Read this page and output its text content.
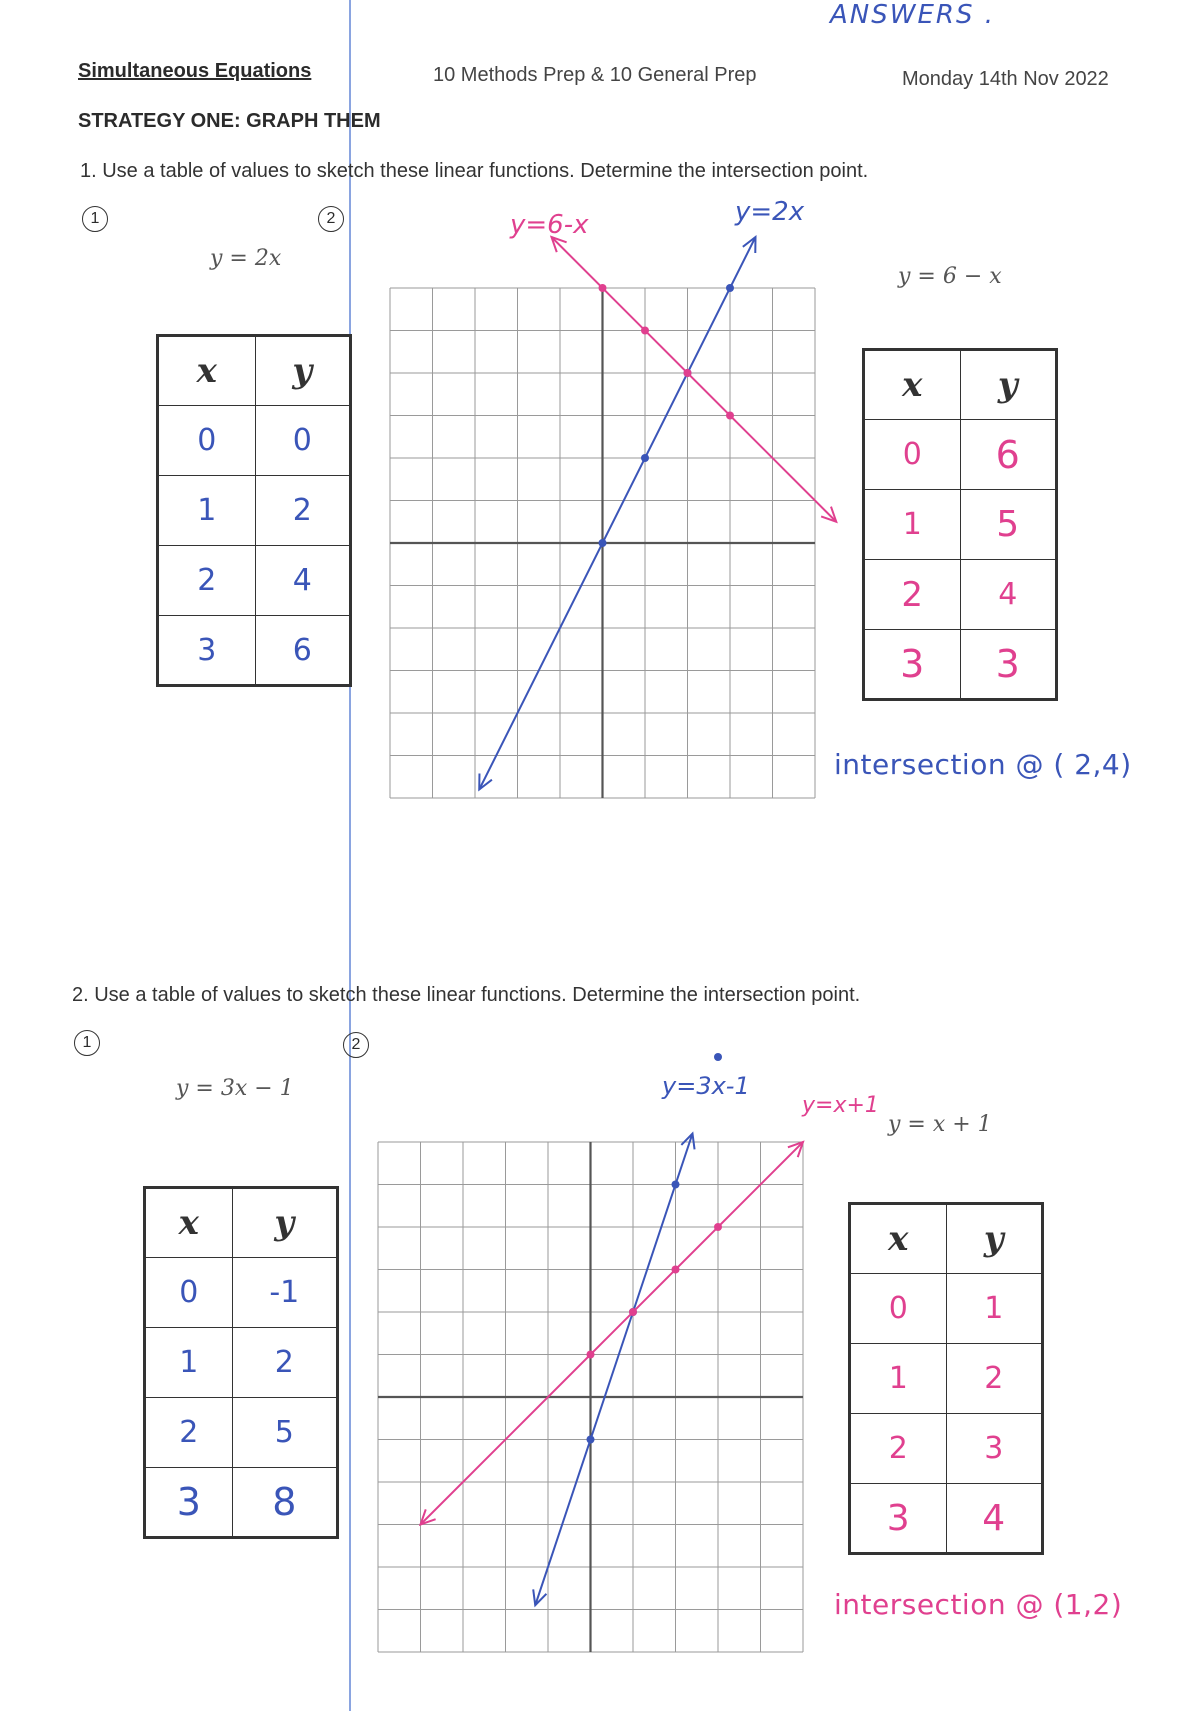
ANSWERS .
Simultaneous Equations	10 Methods Prep & 10 General Prep	Monday 14th Nov 2022
STRATEGY ONE: GRAPH THEM
1. Use a table of values to sketch these linear functions. Determine the intersection point.
1	2
y = 2x
y = 6 − x
x	y
0	0
1	2
2	4
3	6
x	y
0	6
1	5
2	4
3	3
y=6-x	y=2x
intersection @ ( 2,4)
2. Use a table of values to sketch these linear functions. Determine the intersection point.
1	2
y = 3x − 1
y = x + 1
x	y
0	-1
1	2
2	5
3	8
x	y
0	1
1	2
2	3
3	4
y=3x-1
y=x+1
intersection @ (1,2)
